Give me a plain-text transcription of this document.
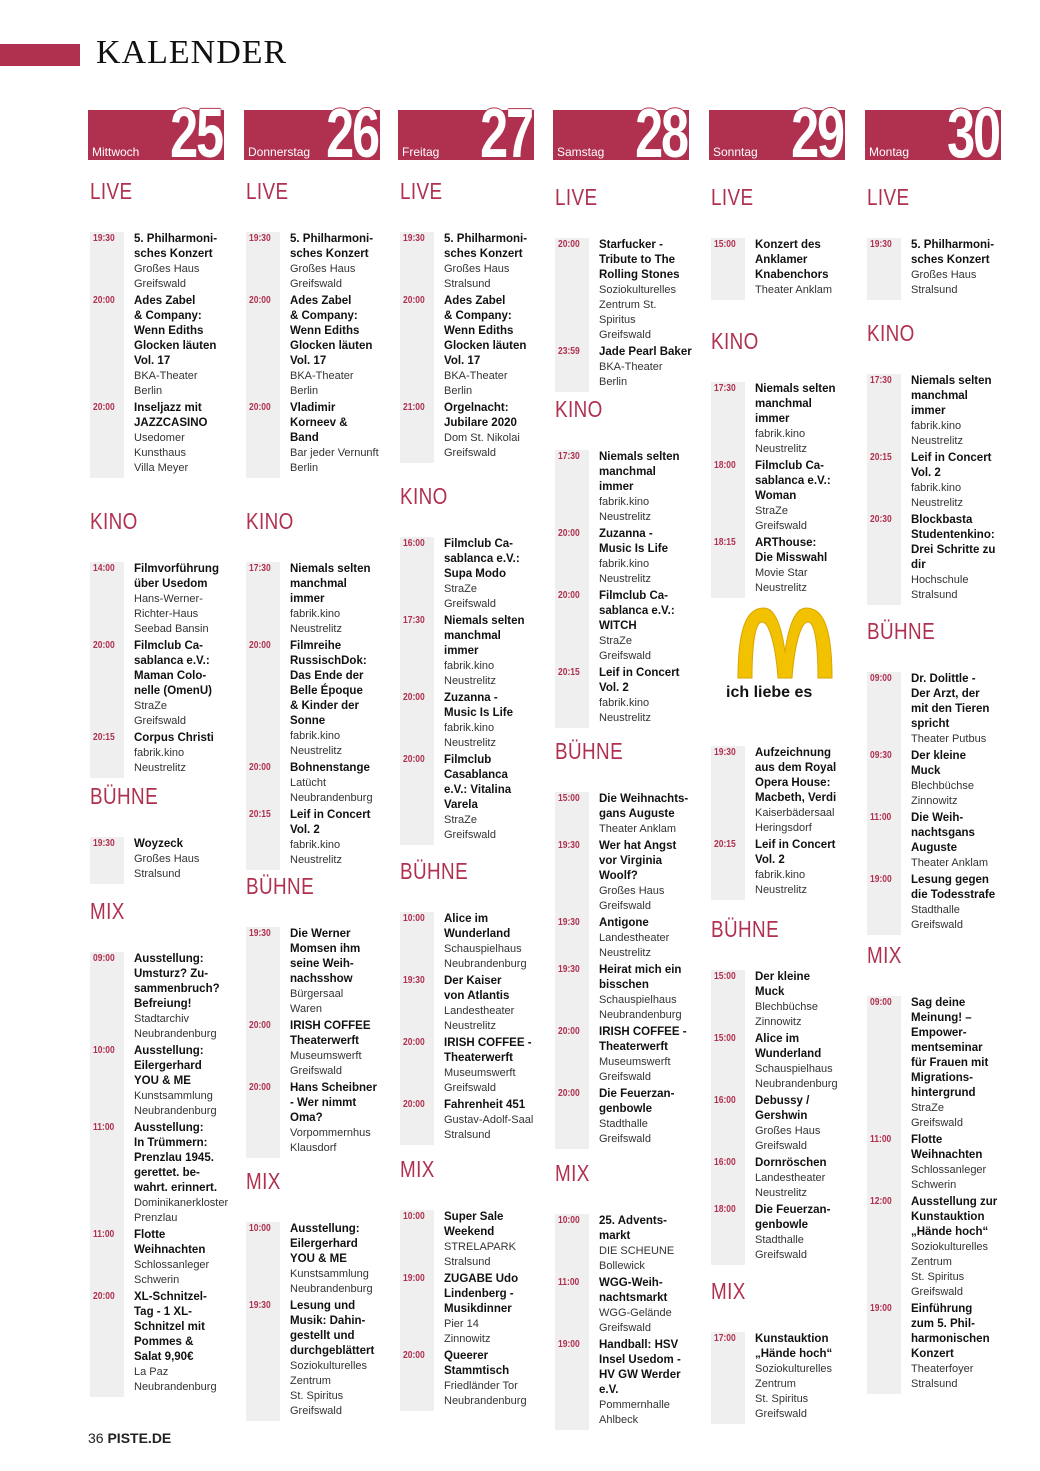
KALENDER
Mittwoch 25
LIVE
19:30 5. Philharmoni-
sches Konzert
Großes Haus
Greifswald
20:00 Ades Zabel
& Company:
Wenn Ediths
Glocken läuten
Vol. 17
BKA-Theater
Berlin
20:00 Inseljazz mit
JAZZCASINO
Usedomer
Kunsthaus
Villa Meyer
KINO
14:00 Filmvorführung
über Usedom
Hans-Werner-
Richter-Haus
Seebad Bansin
20:00 Filmclub Ca-
sablanca e.V.:
Maman Colo-
nelle (OmenU)
StraZe
Greifswald
20:15 Corpus Christi
fabrik.kino
Neustrelitz
BÜHNE
19:30 Woyzeck
Großes Haus
Stralsund
MIX
09:00 Ausstellung:
Umsturz? Zu-
sammenbruch?
Befreiung!
Stadtarchiv
Neubrandenburg
10:00 Ausstellung:
Eilergerhard
YOU & ME
Kunstsammlung
Neubrandenburg
11:00 Ausstellung:
In Trümmern:
Prenzlau 1945.
gerettet. be-
wahrt. erinnert.
Dominikanerkloster
Prenzlau
11:00 Flotte
Weihnachten
Schlossanleger
Schwerin
20:00 XL-Schnitzel-
Tag - 1 XL-
Schnitzel mit
Pommes &
Salat 9,90€
La Paz
Neubrandenburg
Donnerstag 26
LIVE
19:30 5. Philharmoni-
sches Konzert
Großes Haus
Greifswald
20:00 Ades Zabel
& Company:
Wenn Ediths
Glocken läuten
Vol. 17
BKA-Theater
Berlin
20:00 Vladimir
Korneev &
Band
Bar jeder Vernunft
Berlin
KINO
17:30 Niemals selten
manchmal
immer
fabrik.kino
Neustrelitz
20:00 Filmreihe
RussischDok:
Das Ende der
Belle Époque
& Kinder der
Sonne
fabrik.kino
Neustrelitz
20:00 Bohnenstange
Latücht
Neubrandenburg
20:15 Leif in Concert
Vol. 2
fabrik.kino
Neustrelitz
BÜHNE
19:30 Die Werner
Momsen ihm
seine Weih-
nachsshow
Bürgersaal
Waren
20:00 IRISH COFFEE
Theaterwerft
Museumswerft
Greifswald
20:00 Hans Scheibner
- Wer nimmt
Oma?
Vorpommernhus
Klausdorf
MIX
10:00 Ausstellung:
Eilergerhard
YOU & ME
Kunstsammlung
Neubrandenburg
19:30 Lesung und
Musik: Dahin-
gestellt und
durchgeblättert
Soziokulturelles
Zentrum
St. Spiritus
Greifswald
Freitag 27
LIVE
19:30 5. Philharmoni-
sches Konzert
Großes Haus
Stralsund
20:00 Ades Zabel
& Company:
Wenn Ediths
Glocken läuten
Vol. 17
BKA-Theater
Berlin
21:00 Orgelnacht:
Jubilare 2020
Dom St. Nikolai
Greifswald
KINO
16:00 Filmclub Ca-
sablanca e.V.:
Supa Modo
StraZe
Greifswald
17:30 Niemals selten
manchmal
immer
fabrik.kino
Neustrelitz
20:00 Zuzanna -
Music Is Life
fabrik.kino
Neustrelitz
20:00 Filmclub
Casablanca
e.V.: Vitalina
Varela
StraZe
Greifswald
BÜHNE
10:00 Alice im
Wunderland
Schauspielhaus
Neubrandenburg
19:30 Der Kaiser
von Atlantis
Landestheater
Neustrelitz
20:00 IRISH COFFEE -
Theaterwerft
Museumswerft
Greifswald
20:00 Fahrenheit 451
Gustav-Adolf-Saal
Stralsund
MIX
10:00 Super Sale
Weekend
STRELAPARK
Stralsund
19:00 ZUGABE Udo
Lindenberg -
Musikdinner
Pier 14
Zinnowitz
20:00 Queerer
Stammtisch
Friedländer Tor
Neubrandenburg
Samstag 28
LIVE
20:00 Starfucker -
Tribute to The
Rolling Stones
Soziokulturelles
Zentrum St. Spiritus
Greifswald
23:59 Jade Pearl Baker
BKA-Theater
Berlin
KINO
17:30 Niemals selten
manchmal
immer
fabrik.kino
Neustrelitz
20:00 Zuzanna -
Music Is Life
fabrik.kino
Neustrelitz
20:00 Filmclub Ca-
sablanca e.V.:
WITCH
StraZe
Greifswald
20:15 Leif in Concert
Vol. 2
fabrik.kino
Neustrelitz
BÜHNE
15:00 Die Weihnachts-
gans Auguste
Theater Anklam
19:30 Wer hat Angst
vor Virginia
Woolf?
Großes Haus
Greifswald
19:30 Antigone
Landestheater
Neustrelitz
19:30 Heirat mich ein
bisschen
Schauspielhaus
Neubrandenburg
20:00 IRISH COFFEE -
Theaterwerft
Museumswerft
Greifswald
20:00 Die Feuerzan-
genbowle
Stadthalle
Greifswald
MIX
10:00 25. Advents-
markt
DIE SCHEUNE
Bollewick
11:00 WGG-Weih-
nachtsmarkt
WGG-Gelände
Greifswald
19:00 Handball: HSV
Insel Usedom -
HV GW Werder e.V.
Pommernhalle
Ahlbeck
Sonntag 29
LIVE
15:00 Konzert des
Anklamer
Knabenchors
Theater Anklam
KINO
17:30 Niemals selten
manchmal
immer
fabrik.kino
Neustrelitz
18:00 Filmclub Ca-
sablanca e.V.:
Woman
StraZe
Greifswald
18:15 ARThouse:
Die Misswahl
Movie Star
Neustrelitz
19:30 Aufzeichnung
aus dem Royal
Opera House:
Macbeth, Verdi
Kaiserbädersaal
Heringsdorf
20:15 Leif in Concert
Vol. 2
fabrik.kino
Neustrelitz
BÜHNE
15:00 Der kleine
Muck
Blechbüchse
Zinnowitz
15:00 Alice im
Wunderland
Schauspielhaus
Neubrandenburg
16:00 Debussy /
Gershwin
Großes Haus
Greifswald
16:00 Dornröschen
Landestheater
Neustrelitz
18:00 Die Feuerzan-
genbowle
Stadthalle
Greifswald
MIX
17:00 Kunstauktion
„Hände hoch“
Soziokulturelles
Zentrum
St. Spiritus
Greifswald
Montag 30
LIVE
19:30 5. Philharmoni-
sches Konzert
Großes Haus
Stralsund
KINO
17:30 Niemals selten
manchmal
immer
fabrik.kino
Neustrelitz
20:15 Leif in Concert
Vol. 2
fabrik.kino
Neustrelitz
20:30 Blockbasta
Studentenkino:
Drei Schritte zu
dir
Hochschule
Stralsund
BÜHNE
09:00 Dr. Dolittle -
Der Arzt, der
mit den Tieren
spricht
Theater Putbus
09:30 Der kleine
Muck
Blechbüchse
Zinnowitz
11:00 Die Weih-
nachtsgans
Auguste
Theater Anklam
19:00 Lesung gegen
die Todesstrafe
Stadthalle
Greifswald
MIX
09:00 Sag deine
Meinung! –
Empower-
mentseminar
für Frauen mit
Migrations-
hintergrund
StraZe
Greifswald
11:00 Flotte
Weihnachten
Schlossanleger
Schwerin
12:00 Ausstellung zur
Kunstauktion
„Hände hoch“
Soziokulturelles
Zentrum
St. Spiritus
Greifswald
19:00 Einführung
zum 5. Phil-
harmonischen
Konzert
Theaterfoyer
Stralsund
ich liebe es
36 PISTE.DE
